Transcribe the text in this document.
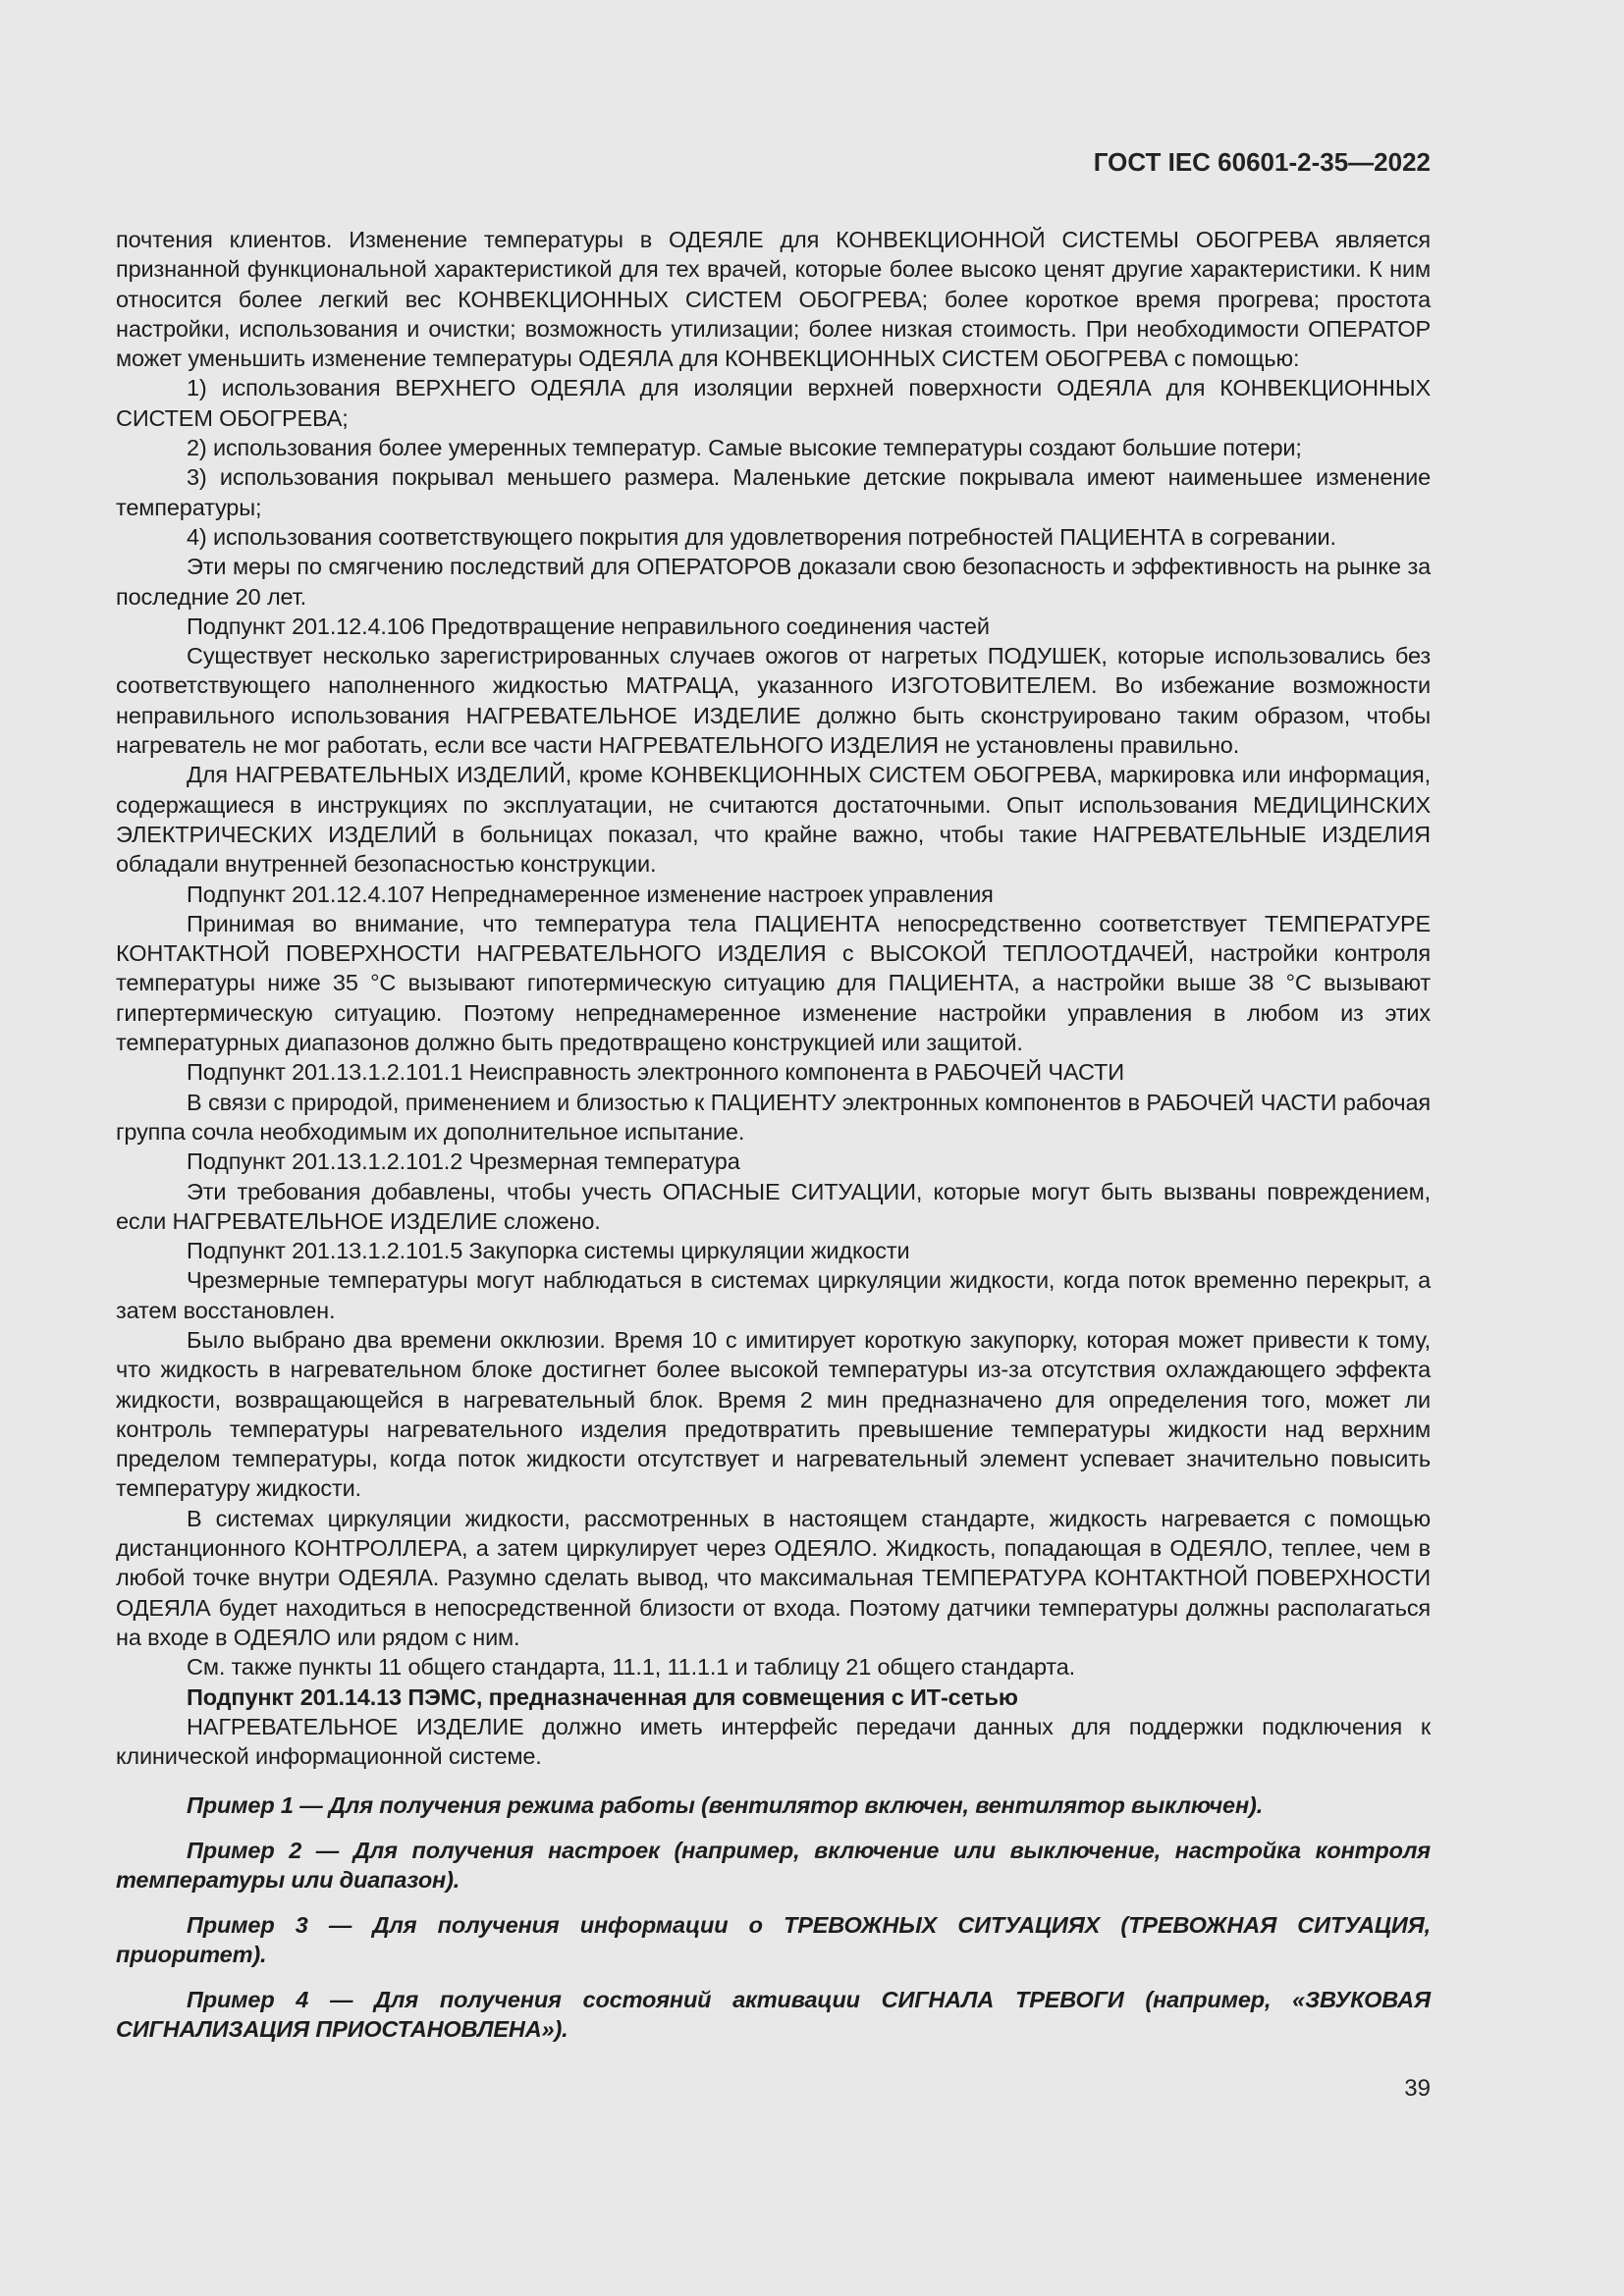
ГОСТ IEC 60601-2-35—2022

почтения клиентов. Изменение температуры в ОДЕЯЛЕ для КОНВЕКЦИОННОЙ СИСТЕМЫ ОБОГРЕВА является признанной функциональной характеристикой для тех врачей, которые более высоко ценят другие характеристики. К ним относится более легкий вес КОНВЕКЦИОННЫХ СИСТЕМ ОБОГРЕВА; более короткое время прогрева; простота настройки, использования и очистки; возможность утилизации; более низкая стоимость. При необходимости ОПЕРАТОР может уменьшить изменение температуры ОДЕЯЛА для КОНВЕКЦИОННЫХ СИСТЕМ ОБОГРЕВА с помощью:

1) использования ВЕРХНЕГО ОДЕЯЛА для изоляции верхней поверхности ОДЕЯЛА для КОНВЕКЦИОННЫХ СИСТЕМ ОБОГРЕВА;

2) использования более умеренных температур. Самые высокие температуры создают большие потери;

3) использования покрывал меньшего размера. Маленькие детские покрывала имеют наименьшее изменение температуры;

4) использования соответствующего покрытия для удовлетворения потребностей ПАЦИЕНТА в согревании.

Эти меры по смягчению последствий для ОПЕРАТОРОВ доказали свою безопасность и эффективность на рынке за последние 20 лет.

Подпункт 201.12.4.106 Предотвращение неправильного соединения частей

Существует несколько зарегистрированных случаев ожогов от нагретых ПОДУШЕК, которые использовались без соответствующего наполненного жидкостью МАТРАЦА, указанного ИЗГОТОВИТЕЛЕМ. Во избежание возможности неправильного использования НАГРЕВАТЕЛЬНОЕ ИЗДЕЛИЕ должно быть сконструировано таким образом, чтобы нагреватель не мог работать, если все части НАГРЕВАТЕЛЬНОГО ИЗДЕЛИЯ не установлены правильно.

Для НАГРЕВАТЕЛЬНЫХ ИЗДЕЛИЙ, кроме КОНВЕКЦИОННЫХ СИСТЕМ ОБОГРЕВА, маркировка или информация, содержащиеся в инструкциях по эксплуатации, не считаются достаточными. Опыт использования МЕДИЦИНСКИХ ЭЛЕКТРИЧЕСКИХ ИЗДЕЛИЙ в больницах показал, что крайне важно, чтобы такие НАГРЕВАТЕЛЬНЫЕ ИЗДЕЛИЯ обладали внутренней безопасностью конструкции.

Подпункт 201.12.4.107 Непреднамеренное изменение настроек управления

Принимая во внимание, что температура тела ПАЦИЕНТА непосредственно соответствует ТЕМПЕРАТУРЕ КОНТАКТНОЙ ПОВЕРХНОСТИ НАГРЕВАТЕЛЬНОГО ИЗДЕЛИЯ с ВЫСОКОЙ ТЕПЛООТДАЧЕЙ, настройки контроля температуры ниже 35 °C вызывают гипотермическую ситуацию для ПАЦИЕНТА, а настройки выше 38 °C вызывают гипертермическую ситуацию. Поэтому непреднамеренное изменение настройки управления в любом из этих температурных диапазонов должно быть предотвращено конструкцией или защитой.

Подпункт 201.13.1.2.101.1 Неисправность электронного компонента в РАБОЧЕЙ ЧАСТИ

В связи с природой, применением и близостью к ПАЦИЕНТУ электронных компонентов в РАБОЧЕЙ ЧАСТИ рабочая группа сочла необходимым их дополнительное испытание.

Подпункт 201.13.1.2.101.2 Чрезмерная температура

Эти требования добавлены, чтобы учесть ОПАСНЫЕ СИТУАЦИИ, которые могут быть вызваны повреждением, если НАГРЕВАТЕЛЬНОЕ ИЗДЕЛИЕ сложено.

Подпункт 201.13.1.2.101.5 Закупорка системы циркуляции жидкости

Чрезмерные температуры могут наблюдаться в системах циркуляции жидкости, когда поток временно перекрыт, а затем восстановлен.

Было выбрано два времени окклюзии. Время 10 с имитирует короткую закупорку, которая может привести к тому, что жидкость в нагревательном блоке достигнет более высокой температуры из-за отсутствия охлаждающего эффекта жидкости, возвращающейся в нагревательный блок. Время 2 мин предназначено для определения того, может ли контроль температуры нагревательного изделия предотвратить превышение температуры жидкости над верхним пределом температуры, когда поток жидкости отсутствует и нагревательный элемент успевает значительно повысить температуру жидкости.

В системах циркуляции жидкости, рассмотренных в настоящем стандарте, жидкость нагревается с помощью дистанционного КОНТРОЛЛЕРА, а затем циркулирует через ОДЕЯЛО. Жидкость, попадающая в ОДЕЯЛО, теплее, чем в любой точке внутри ОДЕЯЛА. Разумно сделать вывод, что максимальная ТЕМПЕРАТУРА КОНТАКТНОЙ ПОВЕРХНОСТИ ОДЕЯЛА будет находиться в непосредственной близости от входа. Поэтому датчики температуры должны располагаться на входе в ОДЕЯЛО или рядом с ним.

См. также пункты 11 общего стандарта, 11.1, 11.1.1 и таблицу 21 общего стандарта.

Подпункт 201.14.13 ПЭМС, предназначенная для совмещения с ИТ-сетью

НАГРЕВАТЕЛЬНОЕ ИЗДЕЛИЕ должно иметь интерфейс передачи данных для поддержки подключения к клинической информационной системе.

Пример 1 — Для получения режима работы (вентилятор включен, вентилятор выключен).

Пример 2 — Для получения настроек (например, включение или выключение, настройка контроля температуры или диапазон).

Пример 3 — Для получения информации о ТРЕВОЖНЫХ СИТУАЦИЯХ (ТРЕВОЖНАЯ СИТУАЦИЯ, приоритет).

Пример 4 — Для получения состояний активации СИГНАЛА ТРЕВОГИ (например, «ЗВУКОВАЯ СИГНАЛИЗАЦИЯ ПРИОСТАНОВЛЕНА»).

39
